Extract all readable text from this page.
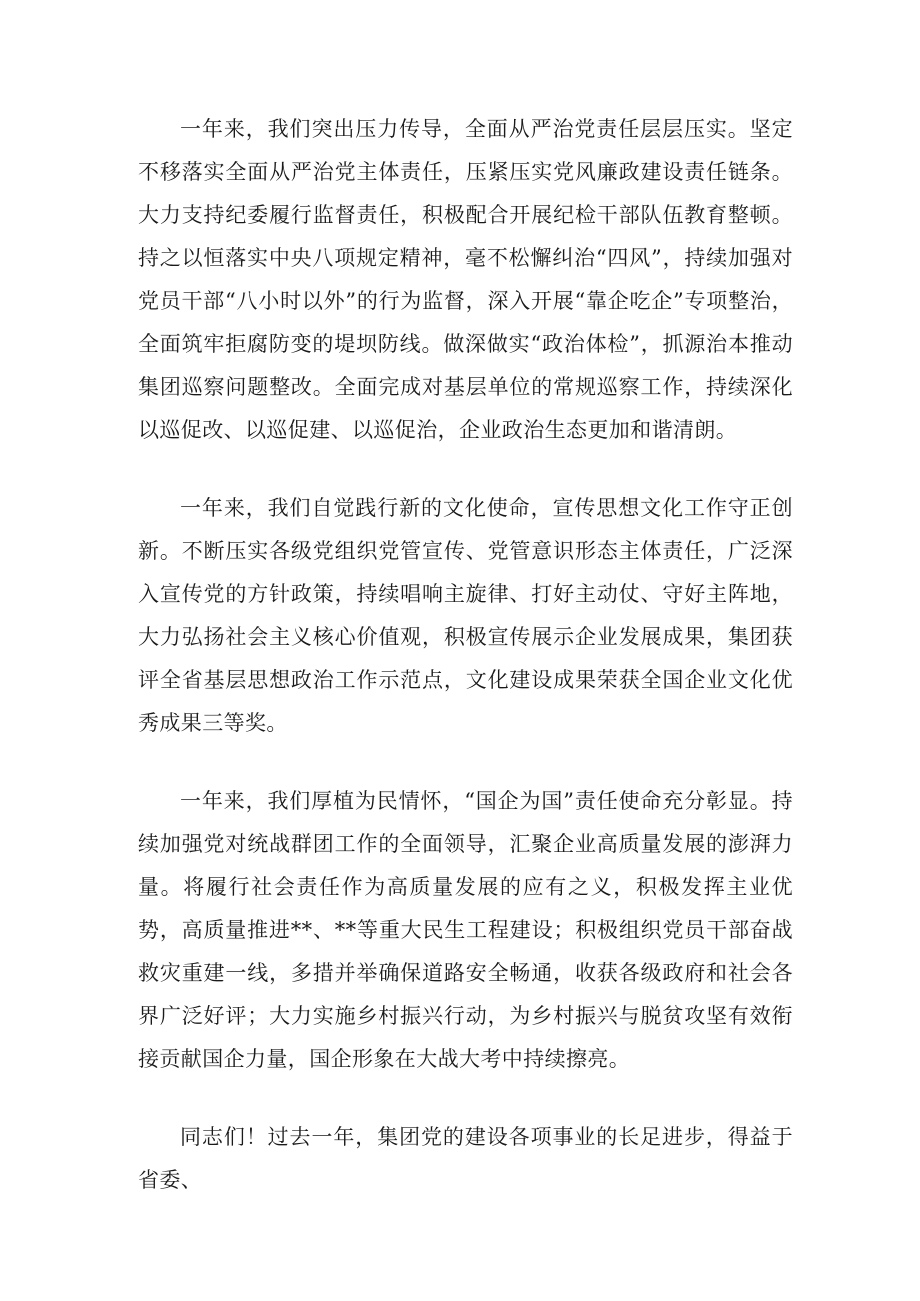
一年来，我们突出压力传导，全面从严治党责任层层压实。坚定不移落实全面从严治党主体责任，压紧压实党风廉政建设责任链条。大力支持纪委履行监督责任，积极配合开展纪检干部队伍教育整顿。持之以恒落实中央八项规定精神，毫不松懈纠治“四风”，持续加强对党员干部“八小时以外”的行为监督，深入开展“靠企吃企”专项整治，全面筑牢拒腐防变的堤坝防线。做深做实“政治体检”，抓源治本推动集团巡察问题整改。全面完成对基层单位的常规巡察工作，持续深化以巡促改、以巡促建、以巡促治，企业政治生态更加和谐清朗。

一年来，我们自觉践行新的文化使命，宣传思想文化工作守正创新。不断压实各级党组织党管宣传、党管意识形态主体责任，广泛深入宣传党的方针政策，持续唱响主旋律、打好主动仗、守好主阵地，大力弘扬社会主义核心价值观，积极宣传展示企业发展成果，集团获评全省基层思想政治工作示范点，文化建设成果荣获全国企业文化优秀成果三等奖。

一年来，我们厚植为民情怀，“国企为国”责任使命充分彰显。持续加强党对统战群团工作的全面领导，汇聚企业高质量发展的澎湃力量。将履行社会责任作为高质量发展的应有之义，积极发挥主业优势，高质量推进**、**等重大民生工程建设；积极组织党员干部奋战救灾重建一线，多措并举确保道路安全畅通，收获各级政府和社会各界广泛好评；大力实施乡村振兴行动，为乡村振兴与脱贫攻坚有效衔接贡献国企力量，国企形象在大战大考中持续擦亮。

同志们！过去一年，集团党的建设各项事业的长足进步，得益于省委、
